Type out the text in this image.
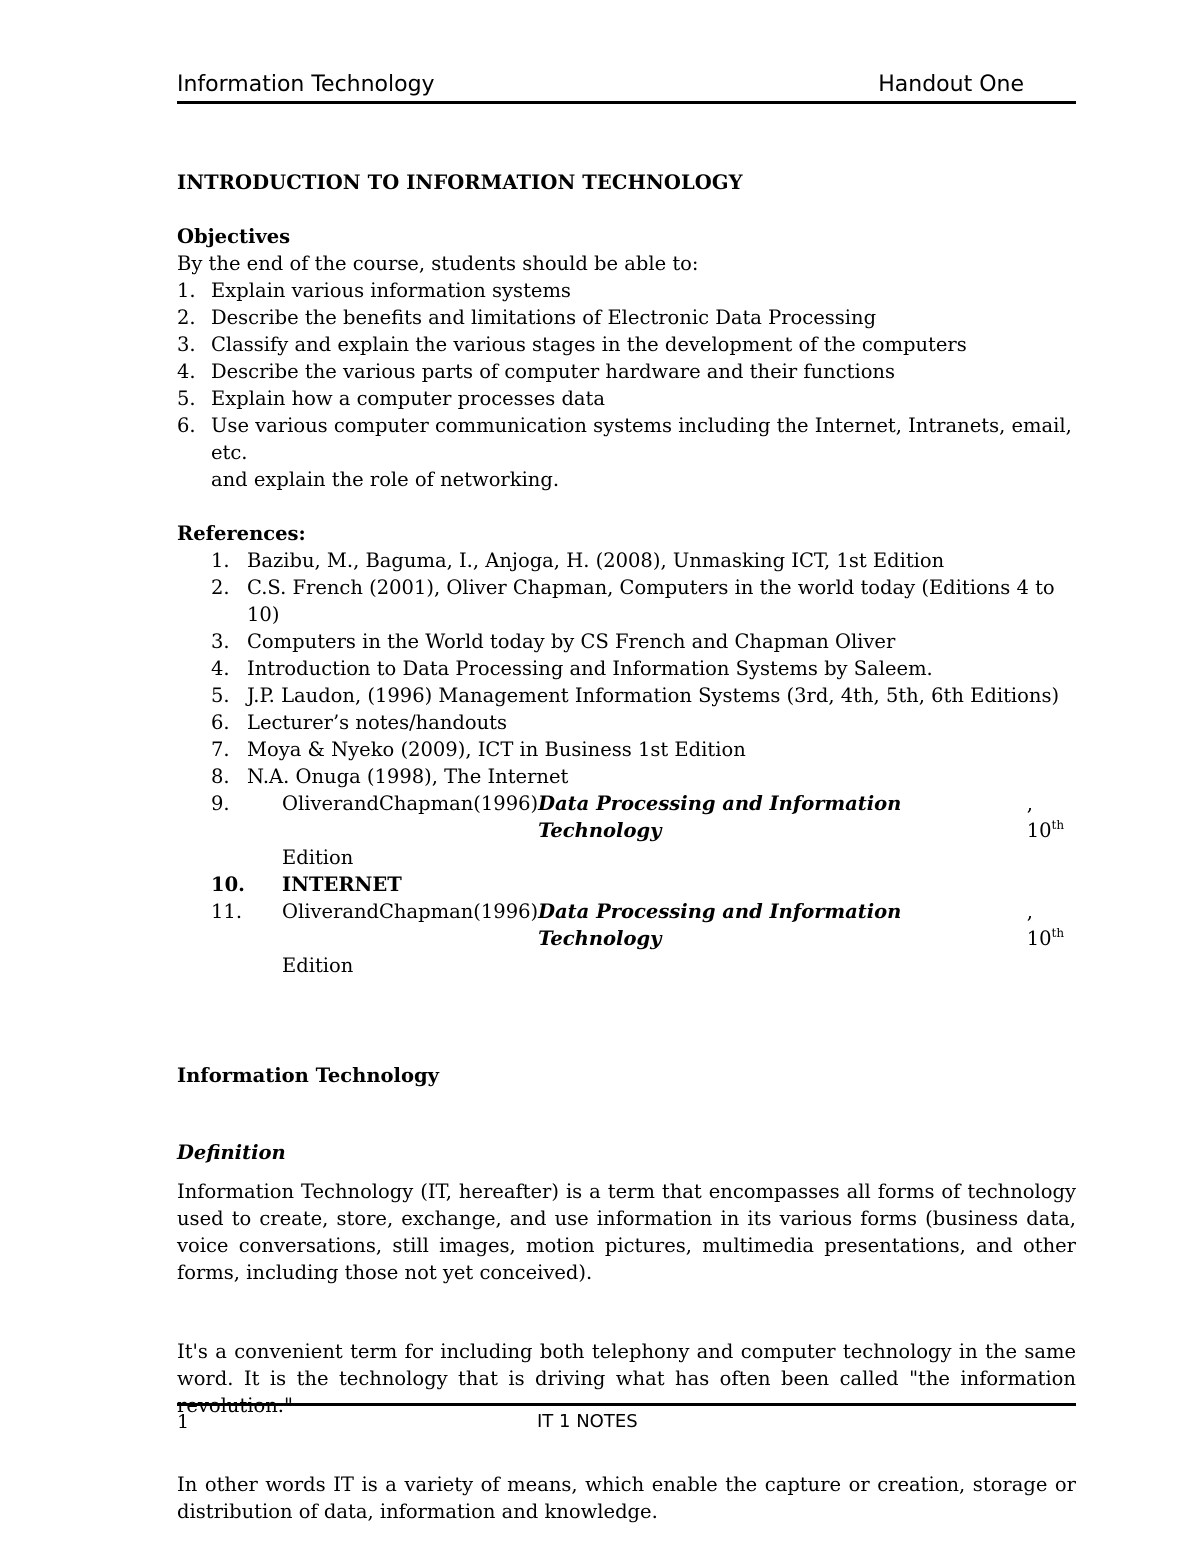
Information Technology	Handout One
INTRODUCTION TO INFORMATION TECHNOLOGY
Objectives
By the end of the course, students should be able to:
1. Explain various information systems
2. Describe the benefits and limitations of Electronic Data Processing
3. Classify and explain the various stages in the development of the computers
4. Describe the various parts of computer hardware and their functions
5. Explain how a computer processes data
6. Use various computer communication systems including the Internet, Intranets, email, etc.
and explain the role of networking.
References:
1. Bazibu, M., Baguma, I., Anjoga, H. (2008), Unmasking ICT, 1st Edition
2. C.S. French (2001), Oliver Chapman, Computers in the world today (Editions 4 to 10)
3. Computers in the World today by CS French and Chapman Oliver
4. Introduction to Data Processing and Information Systems by Saleem.
5. J.P. Laudon, (1996) Management Information Systems (3rd, 4th, 5th, 6th Editions)
6. Lecturer’s notes/handouts
7. Moya & Nyeko (2009), ICT in Business 1st Edition
8. N.A. Onuga (1998), The Internet
9.	Oliver and Chapman (1996) Data Processing and Information Technology
, 10th
Edition
10. INTERNET
11. Oliver and Chapman (1996) Data Processing and Information Technology
, 10th
Edition
Information Technology
Definition
Information Technology (IT, hereafter) is a term that encompasses all forms of technology used to create, store, exchange, and use information in its various forms (business data, voice conversations, still images, motion pictures, multimedia presentations, and other forms, including those not yet conceived).
It's a convenient term for including both telephony and computer technology in the same word. It is the technology that is driving what has often been called "the information
In other words IT is a variety of means, which enable the capture or creation, storage or distribution of data, information and knowledge.
1	IT 1 NOTES
